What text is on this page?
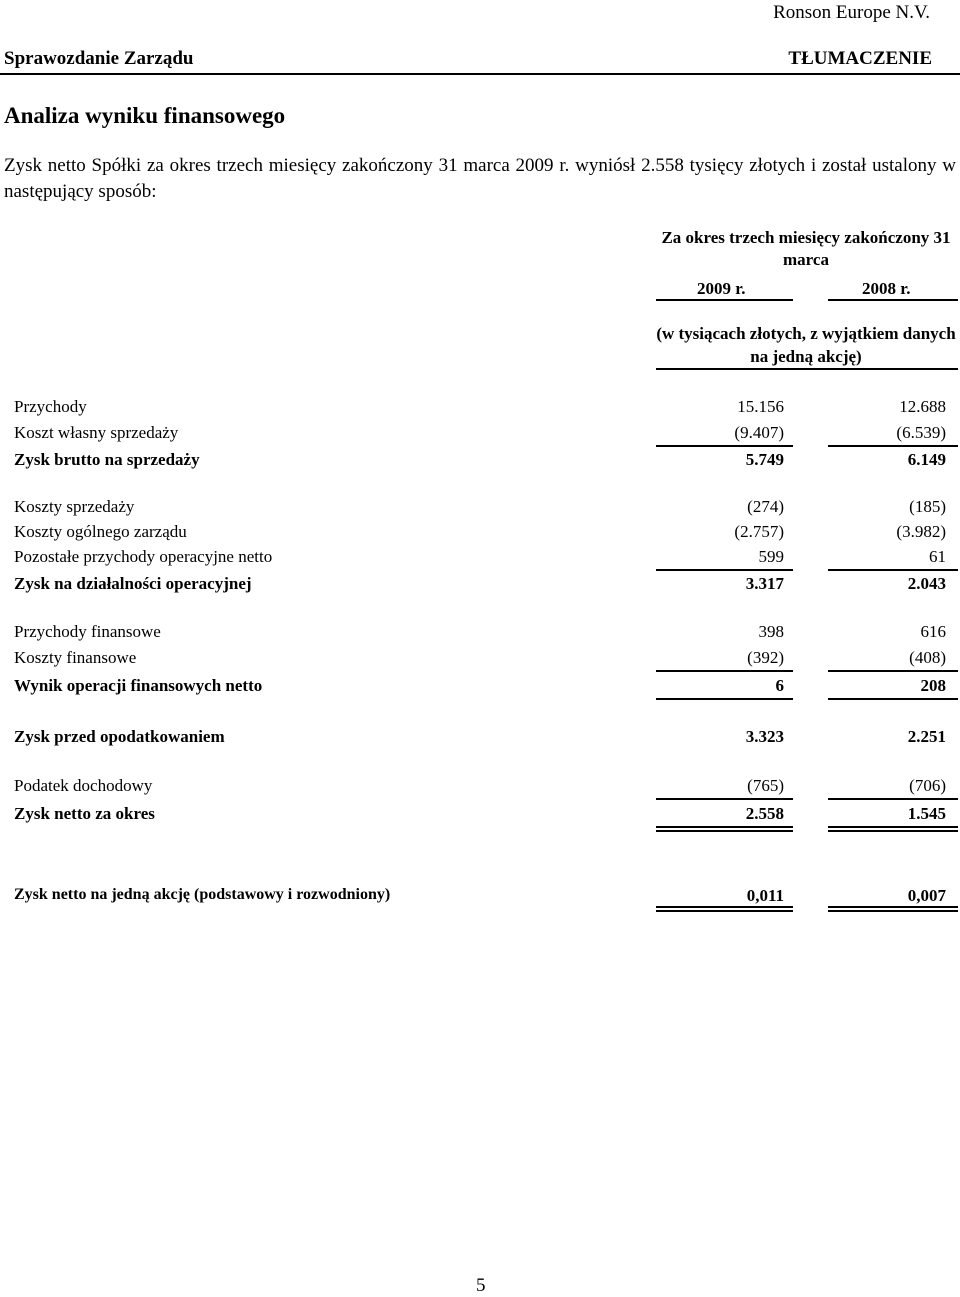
Ronson Europe N.V.
Sprawozdanie Zarządu	TŁUMACZENIE
Analiza wyniku finansowego
Zysk netto Spółki za okres trzech miesięcy zakończony 31 marca 2009 r. wyniósł 2.558 tysięcy złotych i został ustalony w następujący sposób:
Za okres trzech miesięcy zakończony 31 marca
2009 r.	2008 r.
(w tysiącach złotych, z wyjątkiem danych na jedną akcję)
Przychody	15.156	12.688
Koszt własny sprzedaży	(9.407)	(6.539)
Zysk brutto na sprzedaży	5.749	6.149
Koszty sprzedaży	(274)	(185)
Koszty ogólnego zarządu	(2.757)	(3.982)
Pozostałe przychody operacyjne netto	599	61
Zysk na działalności operacyjnej	3.317	2.043
Przychody finansowe	398	616
Koszty finansowe	(392)	(408)
Wynik operacji finansowych netto	6	208
Zysk przed opodatkowaniem	3.323	2.251
Podatek dochodowy	(765)	(706)
Zysk netto za okres	2.558	1.545
Zysk netto na jedną akcję (podstawowy i rozwodniony)	0,011	0,007
5
